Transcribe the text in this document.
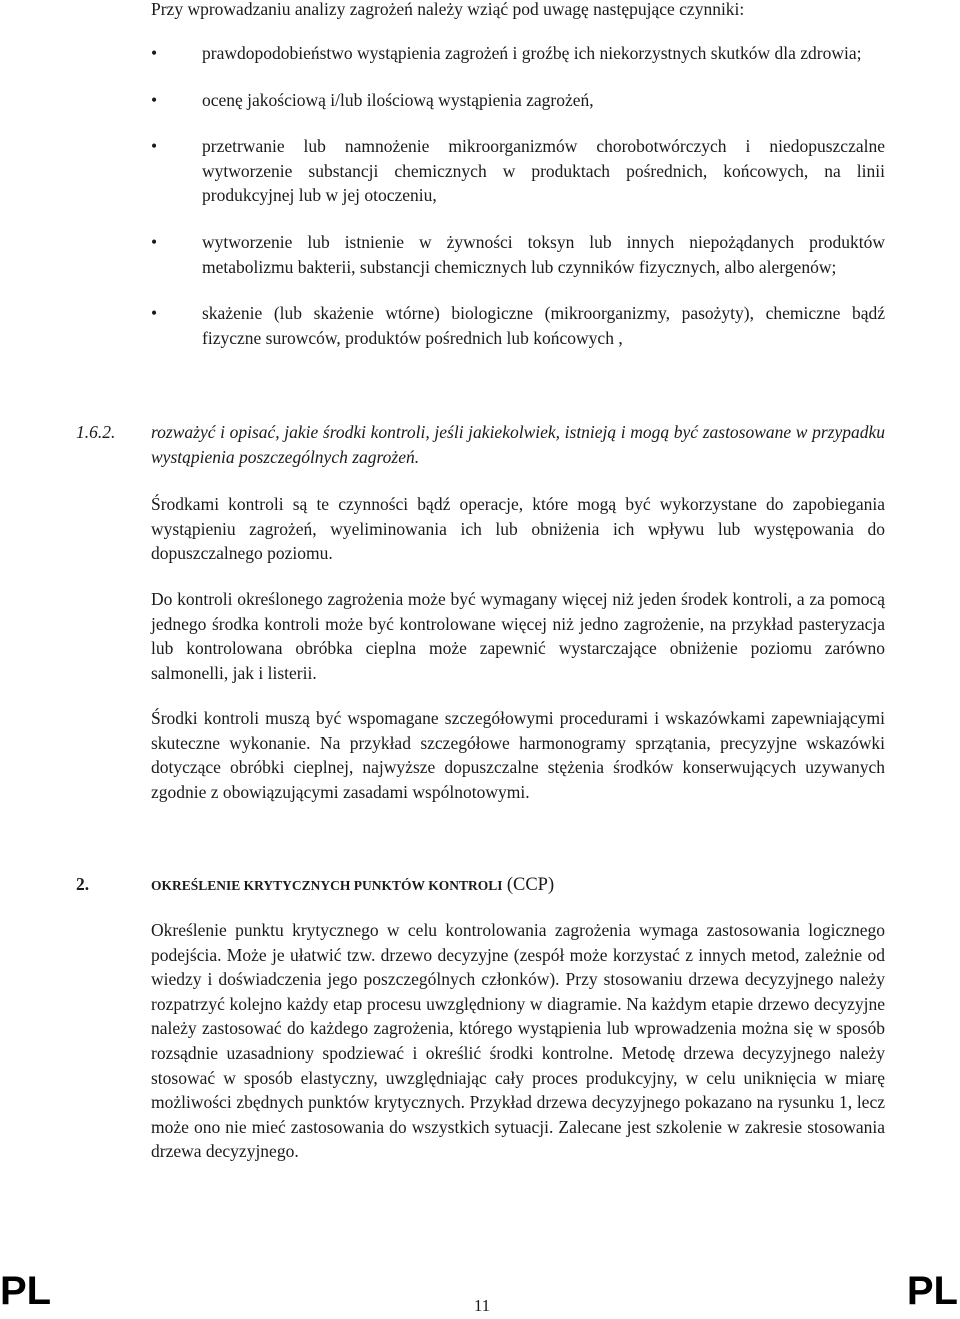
Przy wprowadzaniu analizy zagrożeń należy wziąć pod uwagę następujące czynniki:
•	prawdopodobieństwo wystąpienia zagrożeń i groźbę ich niekorzystnych skutków dla zdrowia;
•	ocenę jakościową i/lub ilościową wystąpienia zagrożeń,
•	przetrwanie lub namnożenie mikroorganizmów chorobotwórczych i niedopuszczalne wytworzenie substancji chemicznych w produktach pośrednich, końcowych, na linii produkcyjnej lub w jej otoczeniu,
•	wytworzenie lub istnienie w żywności toksyn lub innych niepożądanych produktów metabolizmu bakterii, substancji chemicznych lub czynników fizycznych, albo alergenów;
•	skażenie (lub skażenie wtórne) biologiczne (mikroorganizmy, pasożyty), chemiczne bądź fizyczne surowców, produktów pośrednich lub końcowych ,
1.6.2. rozważyć i opisać, jakie środki kontroli, jeśli jakiekolwiek, istnieją i mogą być zastosowane w przypadku wystąpienia poszczególnych zagrożeń.
Środkami kontroli są te czynności bądź operacje, które mogą być wykorzystane do zapobiegania wystąpieniu zagrożeń, wyeliminowania ich lub obniżenia ich wpływu lub występowania do dopuszczalnego poziomu.
Do kontroli określonego zagrożenia może być wymagany więcej niż jeden środek kontroli, a za pomocą jednego środka kontroli może być kontrolowane więcej niż jedno zagrożenie, na przykład pasteryzacja lub kontrolowana obróbka cieplna może zapewnić wystarczające obniżenie poziomu zarówno salmonelli, jak i listerii.
Środki kontroli muszą być wspomagane szczegółowymi procedurami i wskazówkami zapewniającymi skuteczne wykonanie. Na przykład szczegółowe harmonogramy sprzątania, precyzyjne wskazówki dotyczące obróbki cieplnej, najwyższe dopuszczalne stężenia środków konserwujących uzywanych zgodnie z obowiązującymi zasadami wspólnotowymi.
2.	OKREŚLENIE KRYTYCZNYCH PUNKTÓW KONTROLI (CCP)
Określenie punktu krytycznego w celu kontrolowania zagrożenia wymaga zastosowania logicznego podejścia. Może je ułatwić tzw. drzewo decyzyjne (zespół może korzystać z innych metod, zależnie od wiedzy i doświadczenia jego poszczególnych członków). Przy stosowaniu drzewa decyzyjnego należy rozpatrzyć kolejno każdy etap procesu uwzględniony w diagramie. Na każdym etapie drzewo decyzyjne należy zastosować do każdego zagrożenia, którego wystąpienia lub wprowadzenia można się w sposób rozsądnie uzasadniony spodziewać i określić środki kontrolne. Metodę drzewa decyzyjnego należy stosować w sposób elastyczny, uwzględniając cały proces produkcyjny, w celu uniknięcia w miarę możliwości zbędnych punktów krytycznych. Przykład drzewa decyzyjnego pokazano na rysunku 1, lecz może ono nie mieć zastosowania do wszystkich sytuacji. Zalecane jest szkolenie w zakresie stosowania drzewa decyzyjnego.
PL	11	PL
